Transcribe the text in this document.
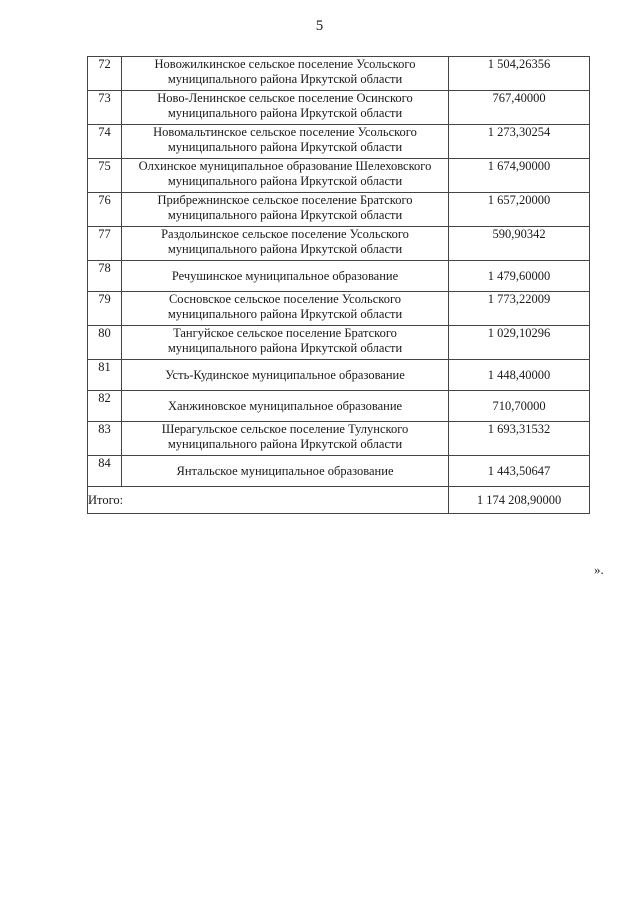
5
72	Новожилкинское сельское поселение Усольского
муниципального района Иркутской области	1 504,26356
73	Ново-Ленинское сельское поселение Осинского
муниципального района Иркутской области	767,40000
74	Новомальтинское сельское поселение Усольского
муниципального района Иркутской области	1 273,30254
75	Олхинское муниципальное образование Шелеховского
муниципального района Иркутской области	1 674,90000
76	Прибрежнинское сельское поселение Братского
муниципального района Иркутской области	1 657,20000
77	Раздольинское сельское поселение Усольского
муниципального района Иркутской области	590,90342
78	Речушинское муниципальное образование	1 479,60000
79	Сосновское сельское поселение Усольского
муниципального района Иркутской области	1 773,22009
80	Тангуйское сельское поселение Братского
муниципального района Иркутской области	1 029,10296
81	Усть-Кудинское муниципальное образование	1 448,40000
82	Ханжиновское муниципальное образование	710,70000
83	Шерагульское сельское поселение Тулунского
муниципального района Иркутской области	1 693,31532
84	Янтальское муниципальное образование	1 443,50647
Итого:		1 174 208,90000
».
